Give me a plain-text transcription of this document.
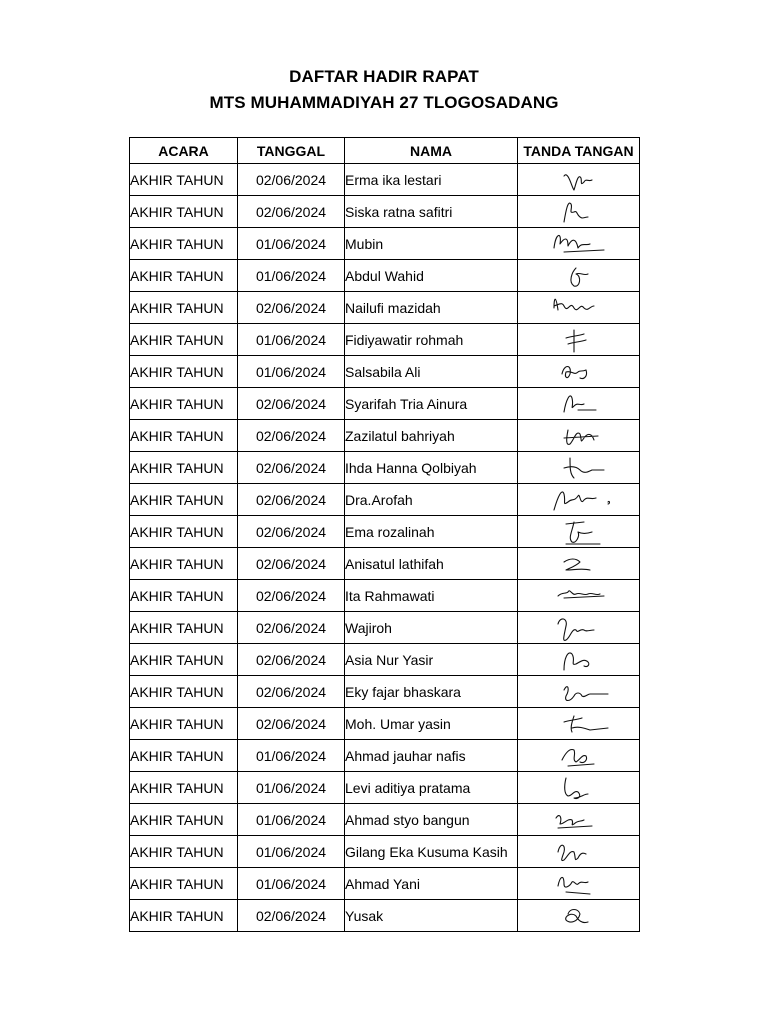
DAFTAR HADIR RAPAT
MTS MUHAMMADIYAH 27 TLOGOSADANG
ACARA	TANGGAL	NAMA	TANDA TANGAN
AKHIR TAHUN	02/06/2024	Erma ika lestari	

AKHIR TAHUN	02/06/2024	Siska ratna safitri	

AKHIR TAHUN	01/06/2024	Mubin	

AKHIR TAHUN	01/06/2024	Abdul Wahid	

AKHIR TAHUN	02/06/2024	Nailufi mazidah	

AKHIR TAHUN	01/06/2024	Fidiyawatir rohmah	

AKHIR TAHUN	01/06/2024	Salsabila Ali	

AKHIR TAHUN	02/06/2024	Syarifah Tria Ainura	

AKHIR TAHUN	02/06/2024	Zazilatul bahriyah	

AKHIR TAHUN	02/06/2024	Ihda Hanna Qolbiyah	

AKHIR TAHUN	02/06/2024	Dra.Arofah	

AKHIR TAHUN	02/06/2024	Ema rozalinah	

AKHIR TAHUN	02/06/2024	Anisatul lathifah	

AKHIR TAHUN	02/06/2024	Ita Rahmawati	

AKHIR TAHUN	02/06/2024	Wajiroh	

AKHIR TAHUN	02/06/2024	Asia Nur Yasir	

AKHIR TAHUN	02/06/2024	Eky fajar bhaskara	

AKHIR TAHUN	02/06/2024	Moh. Umar yasin	

AKHIR TAHUN	01/06/2024	Ahmad jauhar nafis	

AKHIR TAHUN	01/06/2024	Levi aditiya pratama	

AKHIR TAHUN	01/06/2024	Ahmad styo bangun	

AKHIR TAHUN	01/06/2024	Gilang Eka Kusuma Kasih	

AKHIR TAHUN	01/06/2024	Ahmad Yani	

AKHIR TAHUN	02/06/2024	Yusak	
